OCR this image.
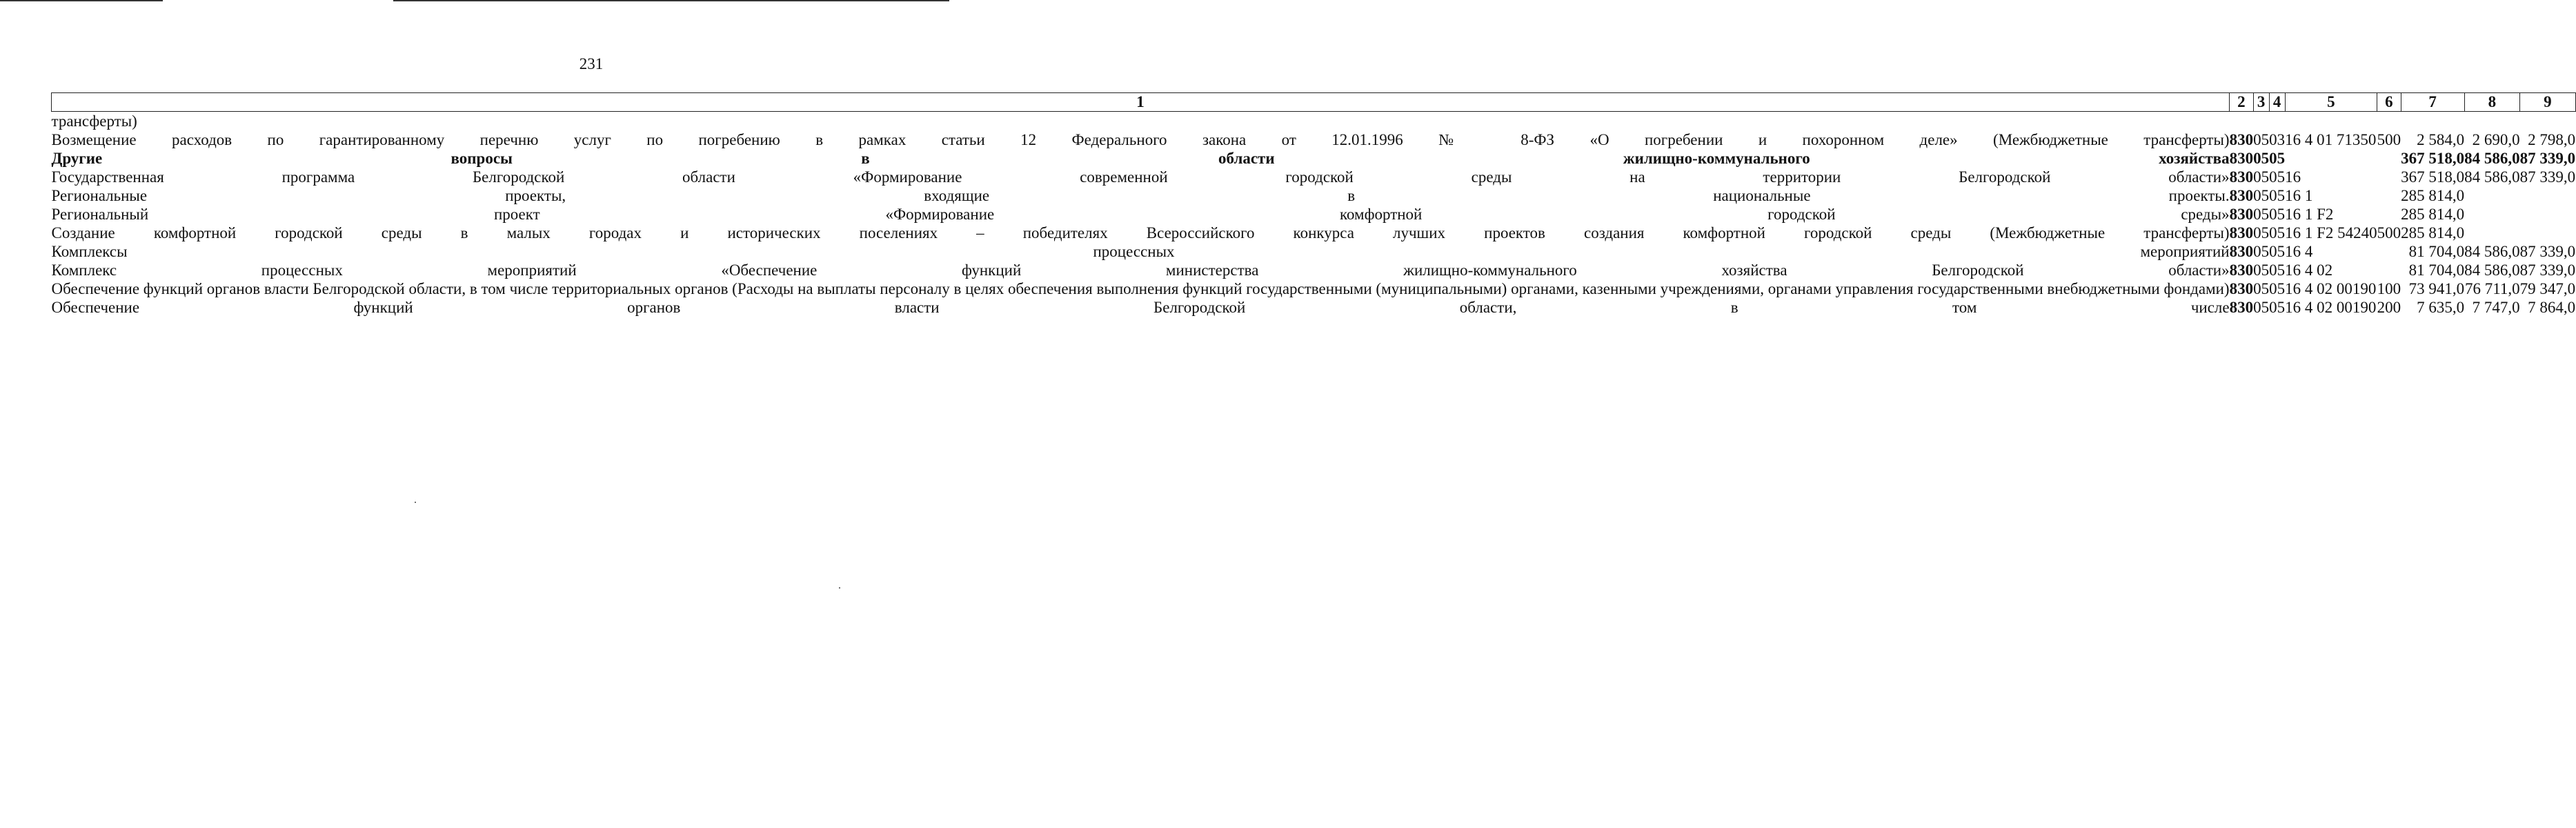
231
1	2	3	4	5	6	7	8	9
трансферты)								
Возмещение расходов по гарантированному перечню услуг по погребению в рамках статьи 12 Федерального закона от 12.01.1996 № 8-ФЗ «О погребении и похоронном деле» (Межбюджетные трансферты)	830	05	03	16 4 01 71350	500	2 584,0	2 690,0	2 798,0
Другие вопросы в области жилищно-коммунального хозяйства	830	05	05			367 518,0	84 586,0	87 339,0
Государственная программа Белгородской области «Формирование современной городской среды на территории Белгородской области»	830	05	05	16		367 518,0	84 586,0	87 339,0
Региональные проекты, входящие в национальные проекты.	830	05	05	16 1		285 814,0		
Региональный проект «Формирование комфортной городской среды»	830	05	05	16 1 F2		285 814,0		
Создание комфортной городской среды в малых городах и исторических поселениях – победителях Всероссийского конкурса лучших проектов создания комфортной городской среды (Межбюджетные трансферты)	830	05	05	16 1 F2 54240	500	285 814,0		
Комплексы процессных мероприятий	830	05	05	16 4		81 704,0	84 586,0	87 339,0
Комплекс процессных мероприятий «Обеспечение функций министерства жилищно-коммунального хозяйства Белгородской области»	830	05	05	16 4 02		81 704,0	84 586,0	87 339,0
Обеспечение функций органов власти Белгородской области, в том числе территориальных органов (Расходы на выплаты персоналу в целях обеспечения выполнения функций государственными (муниципальными) органами, казенными учреждениями, органами управления государственными внебюджетными фондами)	830	05	05	16 4 02 00190	100	73 941,0	76 711,0	79 347,0
Обеспечение функций органов власти Белгородской области, в том числе	830	05	05	16 4 02 00190	200	7 635,0	7 747,0	7 864,0
